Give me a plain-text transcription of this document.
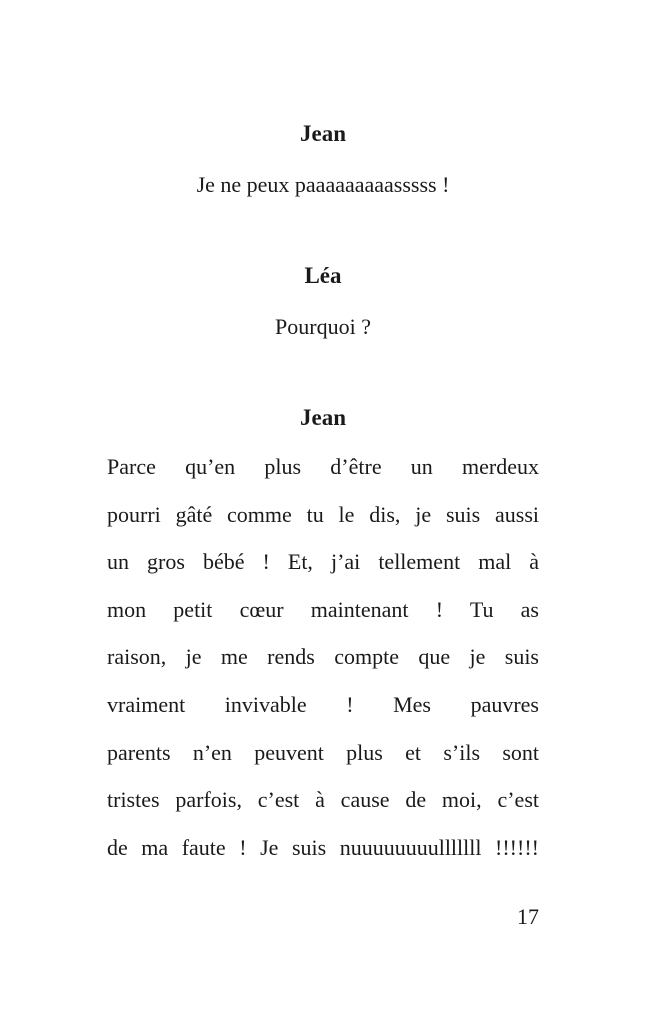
Jean

Je ne peux paaaaaaaaasssss !

Léa

Pourquoi ?

Jean

Parce qu’en plus d’être un merdeux
pourri gâté comme tu le dis, je suis aussi
un gros bébé ! Et, j’ai tellement mal à
mon petit cœur maintenant ! Tu as
raison, je me rends compte que je suis
vraiment invivable ! Mes pauvres
parents n’en peuvent plus et s’ils sont
tristes parfois, c’est à cause de moi, c’est
de ma faute ! Je suis nuuuuuuuulllllll !!!!!!
17
